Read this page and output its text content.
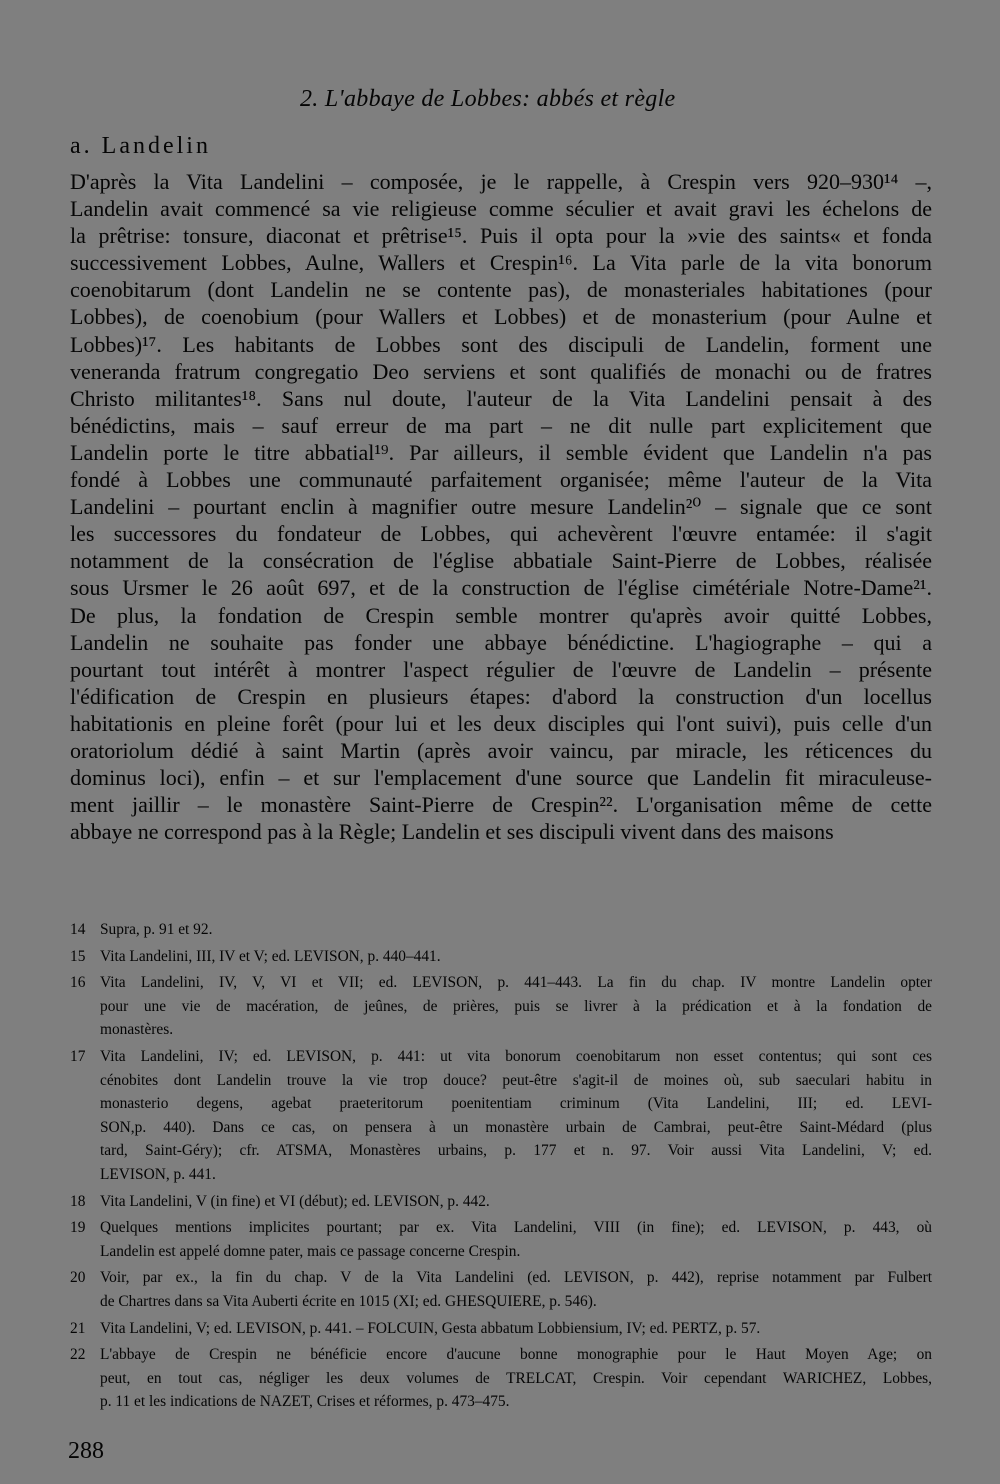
2. L'abbaye de Lobbes: abbés et règle
a. Landelin
D'après la Vita Landelini – composée, je le rappelle, à Crespin vers 920–930¹⁴ –,
Landelin avait commencé sa vie religieuse comme séculier et avait gravi les échelons de
la prêtrise: tonsure, diaconat et prêtrise¹⁵. Puis il opta pour la »vie des saints« et fonda
successivement Lobbes, Aulne, Wallers et Crespin¹⁶. La Vita parle de la vita bonorum
coenobitarum (dont Landelin ne se contente pas), de monasteriales habitationes (pour
Lobbes), de coenobium (pour Wallers et Lobbes) et de monasterium (pour Aulne et
Lobbes)¹⁷. Les habitants de Lobbes sont des discipuli de Landelin, forment une
veneranda fratrum congregatio Deo serviens et sont qualifiés de monachi ou de fratres
Christo militantes¹⁸. Sans nul doute, l'auteur de la Vita Landelini pensait à des
bénédictins, mais – sauf erreur de ma part – ne dit nulle part explicitement que
Landelin porte le titre abbatial¹⁹. Par ailleurs, il semble évident que Landelin n'a pas
fondé à Lobbes une communauté parfaitement organisée; même l'auteur de la Vita
Landelini – pourtant enclin à magnifier outre mesure Landelin²⁰ – signale que ce sont
les successores du fondateur de Lobbes, qui achevèrent l'œuvre entamée: il s'agit
notamment de la consécration de l'église abbatiale Saint-Pierre de Lobbes, réalisée
sous Ursmer le 26 août 697, et de la construction de l'église cimétériale Notre-Dame²¹.
De plus, la fondation de Crespin semble montrer qu'après avoir quitté Lobbes,
Landelin ne souhaite pas fonder une abbaye bénédictine. L'hagiographe – qui a
pourtant tout intérêt à montrer l'aspect régulier de l'œuvre de Landelin – présente
l'édification de Crespin en plusieurs étapes: d'abord la construction d'un locellus
habitationis en pleine forêt (pour lui et les deux disciples qui l'ont suivi), puis celle d'un
oratoriolum dédié à saint Martin (après avoir vaincu, par miracle, les réticences du
dominus loci), enfin – et sur l'emplacement d'une source que Landelin fit miraculeuse-
ment jaillir – le monastère Saint-Pierre de Crespin²². L'organisation même de cette
abbaye ne correspond pas à la Règle; Landelin et ses discipuli vivent dans des maisons
14 Supra, p. 91 et 92.
15 Vita Landelini, III, IV et V; ed. LEVISON, p. 440–441.
16 Vita Landelini, IV, V, VI et VII; ed. LEVISON, p. 441–443. La fin du chap. IV montre Landelin opter
pour une vie de macération, de jeûnes, de prières, puis se livrer à la prédication et à la fondation de
monastères.
17 Vita Landelini, IV; ed. LEVISON, p. 441: ut vita bonorum coenobitarum non esset contentus; qui sont ces
cénobites dont Landelin trouve la vie trop douce? peut-être s'agit-il de moines où, sub saeculari habitu in
monasterio degens, agebat praeteritorum poenitentiam criminum (Vita Landelini, III; ed. LEVI-
SON,p. 440). Dans ce cas, on pensera à un monastère urbain de Cambrai, peut-être Saint-Médard (plus
tard, Saint-Géry); cfr. ATSMA, Monastères urbains, p. 177 et n. 97. Voir aussi Vita Landelini, V; ed.
LEVISON, p. 441.
18 Vita Landelini, V (in fine) et VI (début); ed. LEVISON, p. 442.
19 Quelques mentions implicites pourtant; par ex. Vita Landelini, VIII (in fine); ed. LEVISON, p. 443, où
Landelin est appelé domne pater, mais ce passage concerne Crespin.
20 Voir, par ex., la fin du chap. V de la Vita Landelini (ed. LEVISON, p. 442), reprise notamment par Fulbert
de Chartres dans sa Vita Auberti écrite en 1015 (XI; ed. GHESQUIERE, p. 546).
21 Vita Landelini, V; ed. LEVISON, p. 441. – FOLCUIN, Gesta abbatum Lobbiensium, IV; ed. PERTZ, p. 57.
22 L'abbaye de Crespin ne bénéficie encore d'aucune bonne monographie pour le Haut Moyen Age; on
peut, en tout cas, négliger les deux volumes de TRELCAT, Crespin. Voir cependant WARICHEZ, Lobbes,
p. 11 et les indications de NAZET, Crises et réformes, p. 473–475.
288
